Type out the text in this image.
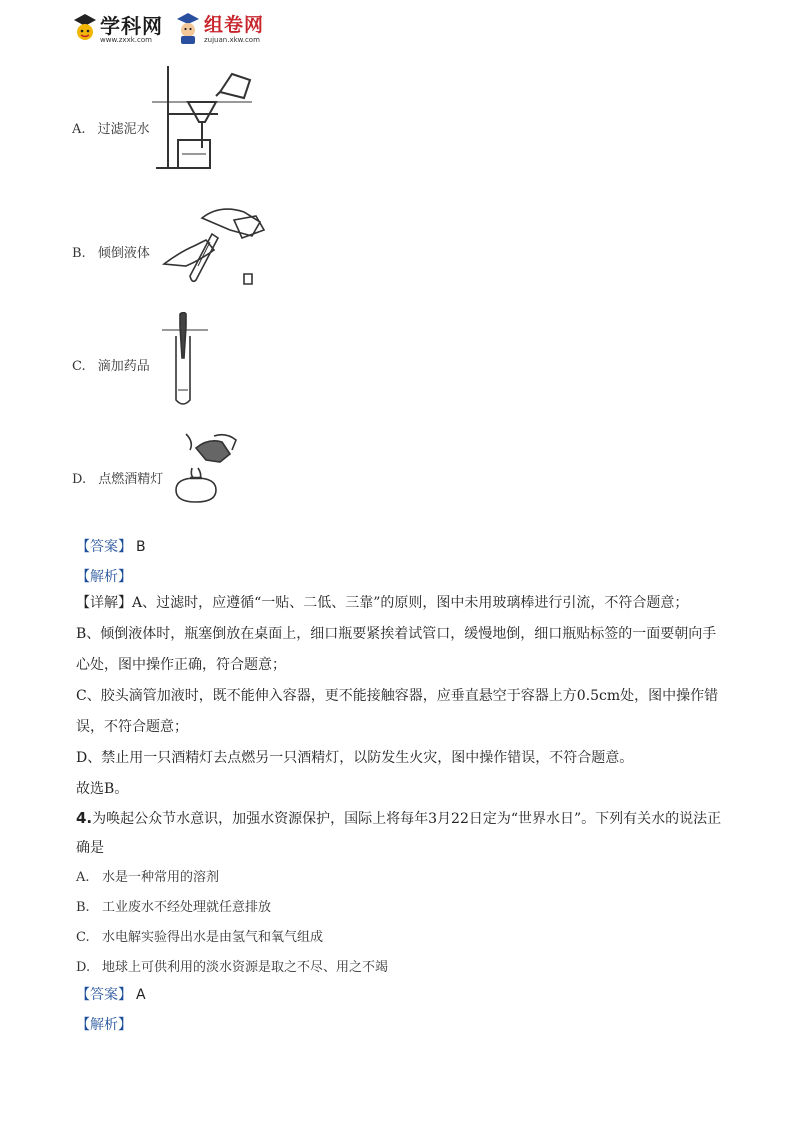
学科网
www.zxxk.com
组卷网
zujuan.xkw.com
A. 过滤泥水
B. 倾倒液体
C. 滴加药品
D. 点燃酒精灯
【答案】 B
【解析】
【详解】A、过滤时，应遵循“一贴、二低、三靠”的原则，图中未用玻璃棒进行引流，不符合题意；
B、倾倒液体时，瓶塞倒放在桌面上，细口瓶要紧挨着试管口，缓慢地倒，细口瓶贴标签的一面要朝向手
心处，图中操作正确，符合题意；
C、胶头滴管加液时，既不能伸入容器，更不能接触容器，应垂直悬空于容器上方0.5cm处，图中操作错
误，不符合题意；
D、禁止用一只酒精灯去点燃另一只酒精灯，以防发生火灾，图中操作错误，不符合题意。
故选B。
4.为唤起公众节水意识，加强水资源保护，国际上将每年3月22日定为“世界水日”。下列有关水的说法正
确是
A. 水是一种常用的溶剂
B. 工业废水不经处理就任意排放
C. 水电解实验得出水是由氢气和氧气组成
D. 地球上可供利用的淡水资源是取之不尽、用之不竭
【答案】 A
【解析】
